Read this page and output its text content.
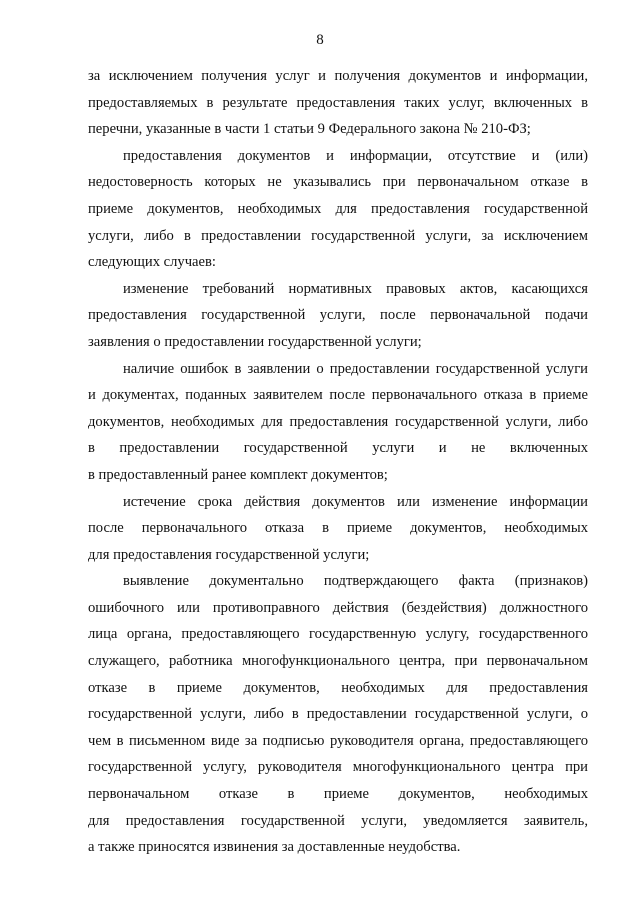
8
за исключением получения услуг и получения документов и информации,
предоставляемых в результате предоставления таких услуг, включенных в
перечни, указанные в части 1 статьи 9 Федерального закона № 210-ФЗ;
предоставления документов и информации, отсутствие и (или)
недостоверность которых не указывались при первоначальном отказе в
приеме документов, необходимых для предоставления государственной
услуги, либо в предоставлении государственной услуги, за исключением
следующих случаев:
изменение требований нормативных правовых актов, касающихся
предоставления государственной услуги, после первоначальной подачи
заявления о предоставлении государственной услуги;
наличие ошибок в заявлении о предоставлении государственной услуги
и документах, поданных заявителем после первоначального отказа в приеме
документов, необходимых для предоставления государственной услуги, либо
в предоставлении государственной услуги и не включенных
в предоставленный ранее комплект документов;
истечение срока действия документов или изменение информации
после первоначального отказа в приеме документов, необходимых
для предоставления государственной услуги;
выявление документально подтверждающего факта (признаков)
ошибочного или противоправного действия (бездействия) должностного
лица органа, предоставляющего государственную услугу, государственного
служащего, работника многофункционального центра, при первоначальном
отказе в приеме документов, необходимых для предоставления
государственной услуги, либо в предоставлении государственной услуги, о
чем в письменном виде за подписью руководителя органа, предоставляющего
государственной услугу, руководителя многофункционального центра при
первоначальном отказе в приеме документов, необходимых
для предоставления государственной услуги, уведомляется заявитель,
а также приносятся извинения за доставленные неудобства.
